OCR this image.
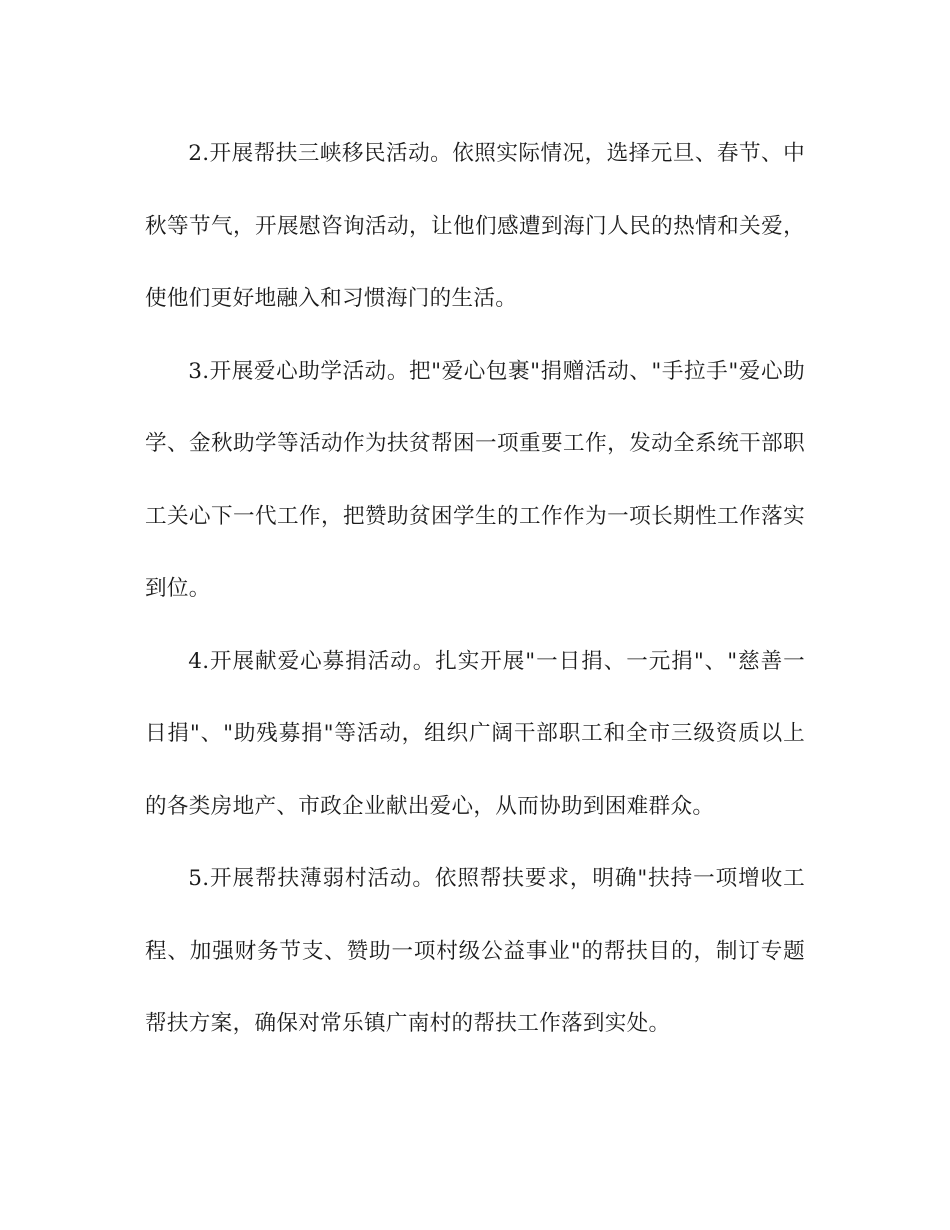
2.开展帮扶三峡移民活动。依照实际情况，选择元旦、春节、中秋等节气，开展慰咨询活动，让他们感遭到海门人民的热情和关爱，使他们更好地融入和习惯海门的生活。

3.开展爱心助学活动。把"爱心包裹"捐赠活动、"手拉手"爱心助学、金秋助学等活动作为扶贫帮困一项重要工作，发动全系统干部职工关心下一代工作，把赞助贫困学生的工作作为一项长期性工作落实到位。

4.开展献爱心募捐活动。扎实开展"一日捐、一元捐"、"慈善一日捐"、"助残募捐"等活动，组织广阔干部职工和全市三级资质以上的各类房地产、市政企业献出爱心，从而协助到困难群众。

5.开展帮扶薄弱村活动。依照帮扶要求，明确"扶持一项增收工程、加强财务节支、赞助一项村级公益事业"的帮扶目的，制订专题帮扶方案，确保对常乐镇广南村的帮扶工作落到实处。
